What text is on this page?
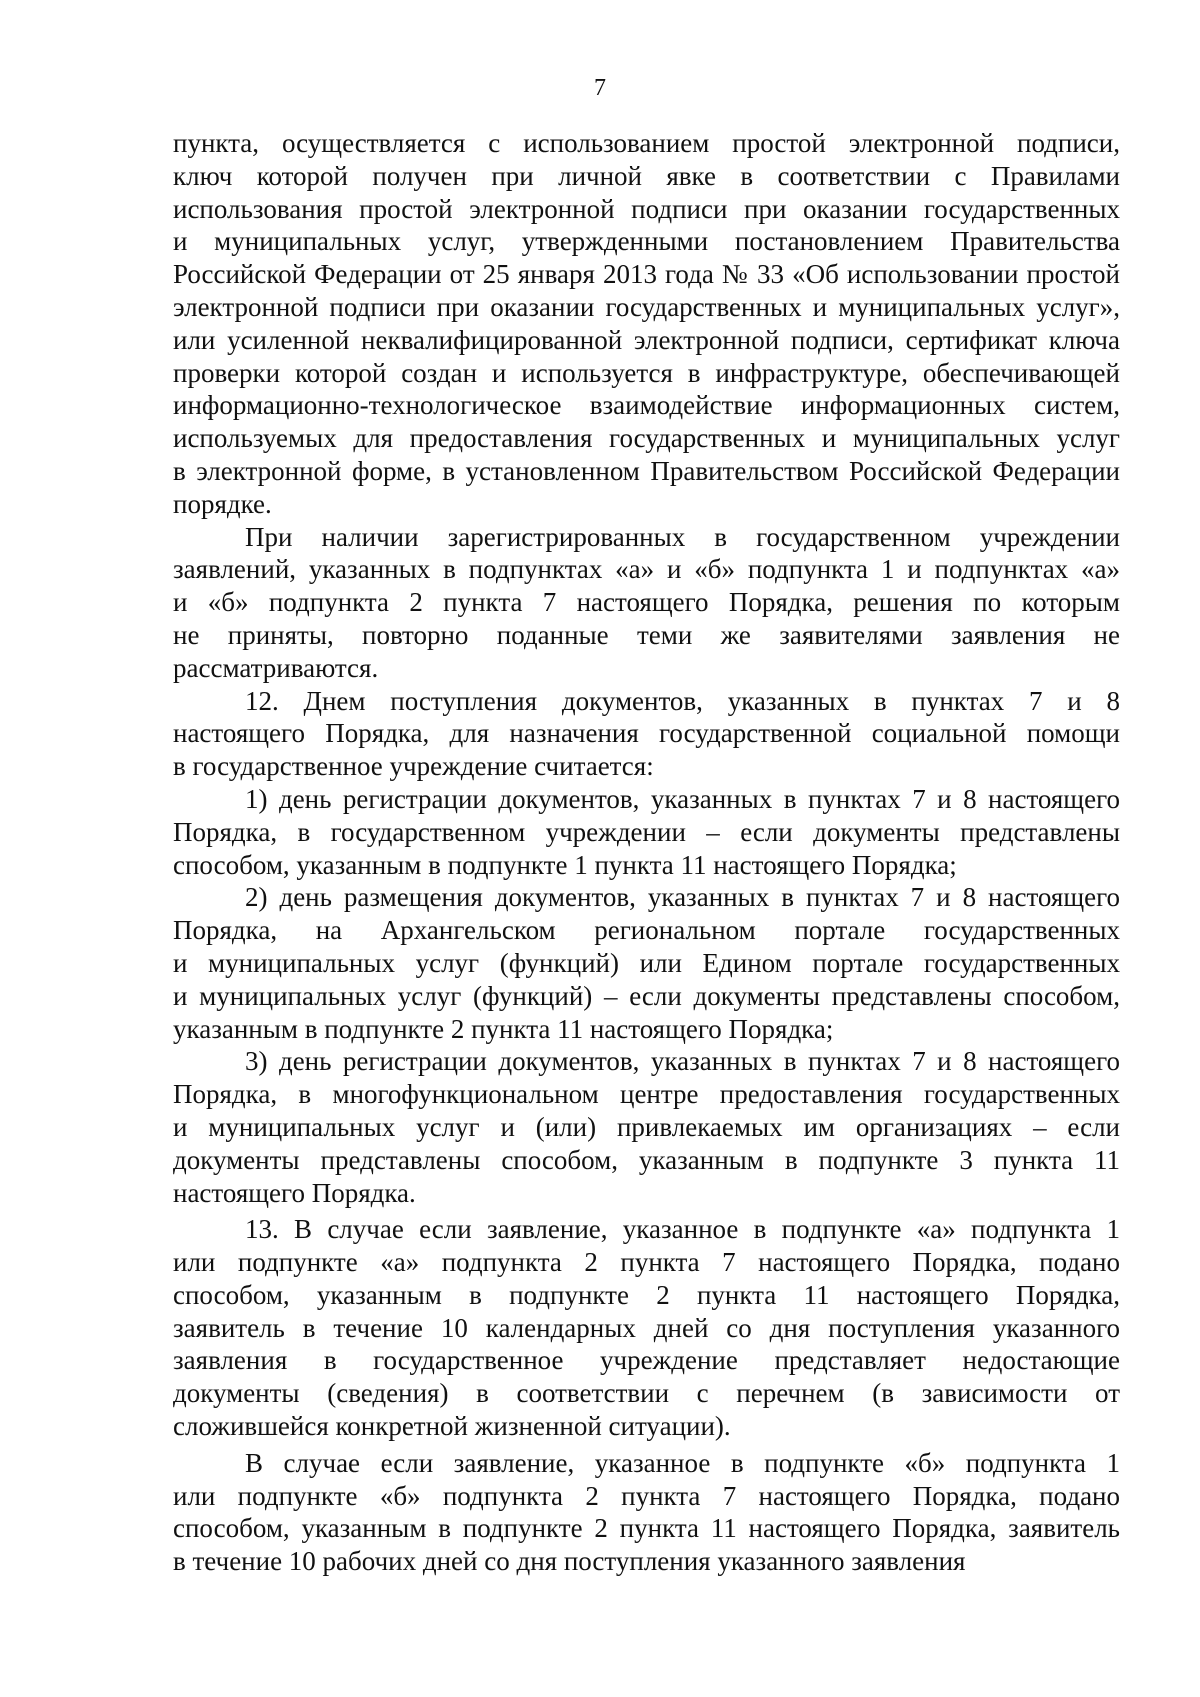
7
пункта, осуществляется с использованием простой электронной подписи,
ключ которой получен при личной явке в соответствии с Правилами
использования простой электронной подписи при оказании государственных
и муниципальных услуг, утвержденными постановлением Правительства
Российской Федерации от 25 января 2013 года № 33 «Об использовании простой
электронной подписи при оказании государственных и муниципальных услуг»,
или усиленной неквалифицированной электронной подписи, сертификат ключа
проверки которой создан и используется в инфраструктуре, обеспечивающей
информационно-технологическое взаимодействие информационных систем,
используемых для предоставления государственных и муниципальных услуг
в электронной форме, в установленном Правительством Российской Федерации
порядке.
При наличии зарегистрированных в государственном учреждении
заявлений, указанных в подпунктах «а» и «б» подпункта 1 и подпунктах «а»
и «б» подпункта 2 пункта 7 настоящего Порядка, решения по которым
не приняты, повторно поданные теми же заявителями заявления не
рассматриваются.
12. Днем поступления документов, указанных в пунктах 7 и 8
настоящего Порядка, для назначения государственной социальной помощи
в государственное учреждение считается:
1) день регистрации документов, указанных в пунктах 7 и 8 настоящего
Порядка, в государственном учреждении – если документы представлены
способом, указанным в подпункте 1 пункта 11 настоящего Порядка;
2) день размещения документов, указанных в пунктах 7 и 8 настоящего
Порядка, на Архангельском региональном портале государственных
и муниципальных услуг (функций) или Едином портале государственных
и муниципальных услуг (функций) – если документы представлены способом,
указанным в подпункте 2 пункта 11 настоящего Порядка;
3) день регистрации документов, указанных в пунктах 7 и 8 настоящего
Порядка, в многофункциональном центре предоставления государственных
и муниципальных услуг и (или) привлекаемых им организациях – если
документы представлены способом, указанным в подпункте 3 пункта 11
настоящего Порядка.
13. В случае если заявление, указанное в подпункте «а» подпункта 1
или подпункте «а» подпункта 2 пункта 7 настоящего Порядка, подано
способом, указанным в подпункте 2 пункта 11 настоящего Порядка,
заявитель в течение 10 календарных дней со дня поступления указанного
заявления в государственное учреждение представляет недостающие
документы (сведения) в соответствии с перечнем (в зависимости от
сложившейся конкретной жизненной ситуации).
В случае если заявление, указанное в подпункте «б» подпункта 1
или подпункте «б» подпункта 2 пункта 7 настоящего Порядка, подано
способом, указанным в подпункте 2 пункта 11 настоящего Порядка, заявитель
в течение 10 рабочих дней со дня поступления указанного заявления
